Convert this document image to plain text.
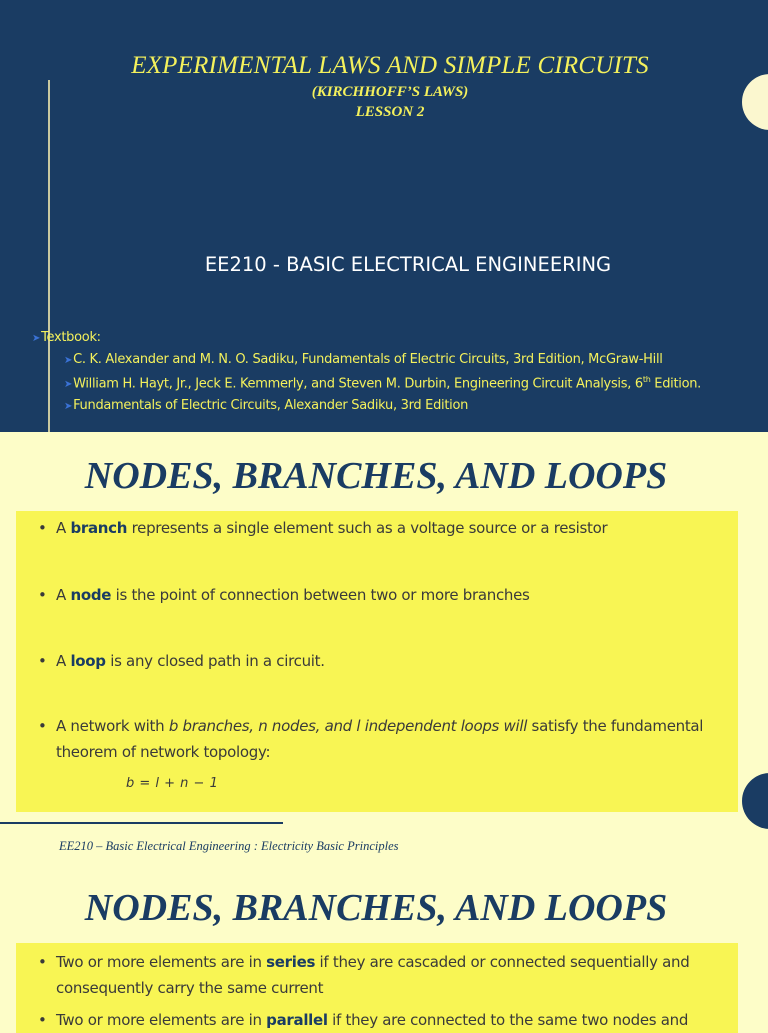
EXPERIMENTAL LAWS AND SIMPLE CIRCUITS
(KIRCHHOFF’S LAWS)
LESSON 2
EE210 - BASIC ELECTRICAL ENGINEERING
➤Textbook:
➤C. K. Alexander and M. N. O. Sadiku, Fundamentals of Electric Circuits, 3rd Edition, McGraw-Hill
➤William H. Hayt, Jr., Jeck E. Kemmerly, and Steven M. Durbin, Engineering Circuit Analysis, 6th Edition.
➤Fundamentals of Electric Circuits, Alexander Sadiku, 3rd Edition
NODES, BRANCHES, AND LOOPS
• A branch represents a single element such as a voltage source or a resistor
• A node is the point of connection between two or more branches
• A loop is any closed path in a circuit.
• A network with b branches, n nodes, and l independent loops will satisfy the fundamental
theorem of network topology:
b = l + n − 1
EE210 – Basic Electrical Engineering : Electricity Basic Principles
NODES, BRANCHES, AND LOOPS
• Two or more elements are in series if they are cascaded or connected sequentially and
consequently carry the same current
• Two or more elements are in parallel if they are connected to the same two nodes and
